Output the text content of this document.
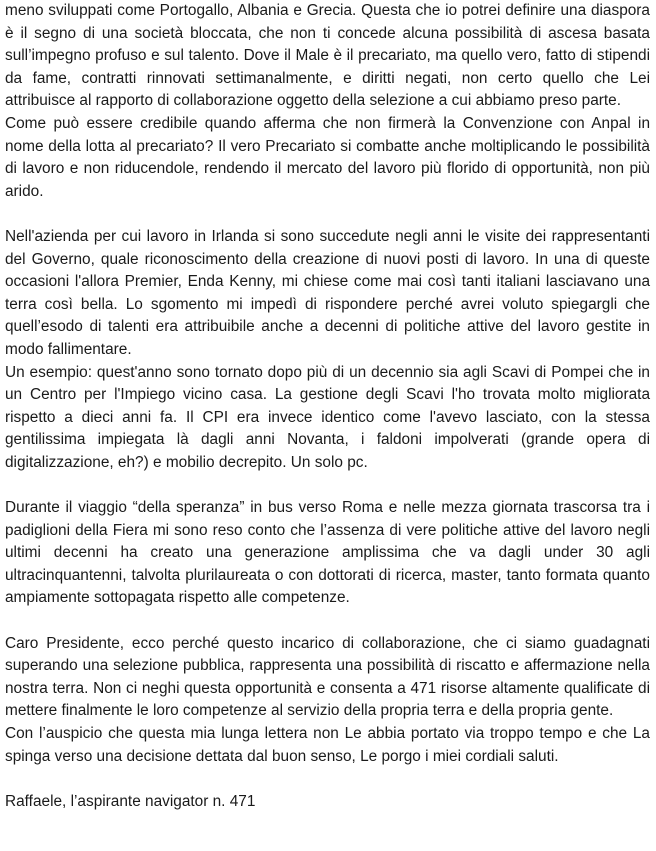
meno sviluppati come Portogallo, Albania e Grecia. Questa che io potrei definire una diaspora è il segno di una società bloccata, che non ti concede alcuna possibilità di ascesa basata sull’impegno profuso e sul talento. Dove il Male è il precariato, ma quello vero, fatto di stipendi da fame, contratti rinnovati settimanalmente, e diritti negati, non certo quello che Lei attribuisce al rapporto di collaborazione oggetto della selezione a cui abbiamo preso parte.

Come può essere credibile quando afferma che non firmerà la Convenzione con Anpal in nome della lotta al precariato? Il vero Precariato si combatte anche moltiplicando le possibilità di lavoro e non riducendole, rendendo il mercato del lavoro più florido di opportunità, non più arido.

Nell'azienda per cui lavoro in Irlanda si sono succedute negli anni le visite dei rappresentanti del Governo, quale riconoscimento della creazione di nuovi posti di lavoro. In una di queste occasioni l'allora Premier, Enda Kenny, mi chiese come mai così tanti italiani lasciavano una terra così bella. Lo sgomento mi impedì di rispondere perché avrei voluto spiegargli che quell’esodo di talenti era attribuibile anche a decenni di politiche attive del lavoro gestite in modo fallimentare.

Un esempio: quest'anno sono tornato dopo più di un decennio sia agli Scavi di Pompei che in un Centro per l'Impiego vicino casa. La gestione degli Scavi l'ho trovata molto migliorata rispetto a dieci anni fa. Il CPI era invece identico come l'avevo lasciato, con la stessa gentilissima impiegata là dagli anni Novanta, i faldoni impolverati (grande opera di digitalizzazione, eh?) e mobilio decrepito. Un solo pc.

Durante il viaggio “della speranza” in bus verso Roma e nelle mezza giornata trascorsa tra i padiglioni della Fiera mi sono reso conto che l’assenza di vere politiche attive del lavoro negli ultimi decenni ha creato una generazione amplissima che va dagli under 30 agli ultracinquantenni, talvolta plurilaureata o con dottorati di ricerca, master, tanto formata quanto ampiamente sottopagata rispetto alle competenze.

Caro Presidente, ecco perché questo incarico di collaborazione, che ci siamo guadagnati superando una selezione pubblica, rappresenta una possibilità di riscatto e affermazione nella nostra terra. Non ci neghi questa opportunità e consenta a 471 risorse altamente qualificate di mettere finalmente le loro competenze al servizio della propria terra e della propria gente.

Con l’auspicio che questa mia lunga lettera non Le abbia portato via troppo tempo e che La spinga verso una decisione dettata dal buon senso, Le porgo i miei cordiali saluti.

Raffaele, l’aspirante navigator n. 471
